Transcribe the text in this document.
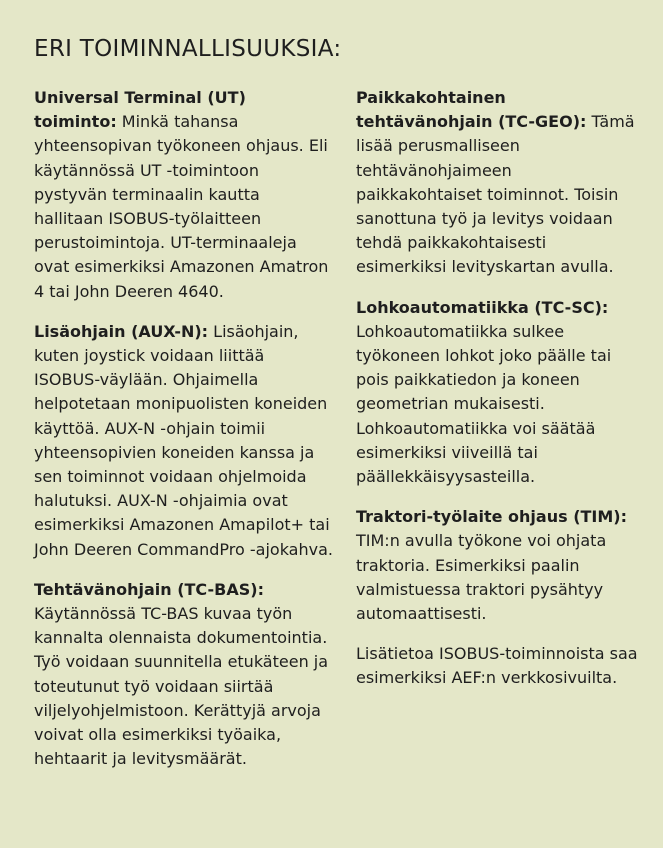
ERI TOIMINNALLISUUKSIA:

Universal Terminal (UT) toiminto: Minkä tahansa yhteensopivan työkoneen ohjaus. Eli käytännössä UT -toimintoon pystyvän terminaalin kautta hallitaan ISOBUS-työlaitteen perustoimintoja. UT-terminaaleja ovat esimerkiksi Amazonen Amatron 4 tai John Deeren 4640.

Lisäohjain (AUX-N): Lisäohjain, kuten joystick voidaan liittää ISOBUS-väylään. Ohjaimella helpotetaan monipuolisten koneiden käyttöä. AUX-N -ohjain toimii yhteensopivien koneiden kanssa ja sen toiminnot voidaan ohjelmoida halutuksi. AUX-N -ohjaimia ovat esimerkiksi Amazonen Amapilot+ tai John Deeren CommandPro -ajokahva.

Tehtävänohjain (TC-BAS): Käytännössä TC-BAS kuvaa työn kannalta olennaista dokumentointia. Työ voidaan suunnitella etukäteen ja toteutunut työ voidaan siirtää viljelyohjelmistoon. Kerättyjä arvoja voivat olla esimerkiksi työaika, hehtaarit ja levitysmäärät.

Paikkakohtainen tehtävänohjain (TC-GEO): Tämä lisää perusmalliseen tehtävänohjaimeen paikkakohtaiset toiminnot. Toisin sanottuna työ ja levitys voidaan tehdä paikkakohtaisesti esimerkiksi levityskartan avulla.

Lohkoautomatiikka (TC-SC): Lohkoautomatiikka sulkee työkoneen lohkot joko päälle tai pois paikkatiedon ja koneen geometrian mukaisesti. Lohkoautomatiikka voi säätää esimerkiksi viiveillä tai päällekkäisyysasteilla.

Traktori-työlaite ohjaus (TIM): TIM:n avulla työkone voi ohjata traktoria. Esimerkiksi paalin valmistuessa traktori pysähtyy automaattisesti.

Lisätietoa ISOBUS-toiminnoista saa esimerkiksi AEF:n verkkosivuilta.
